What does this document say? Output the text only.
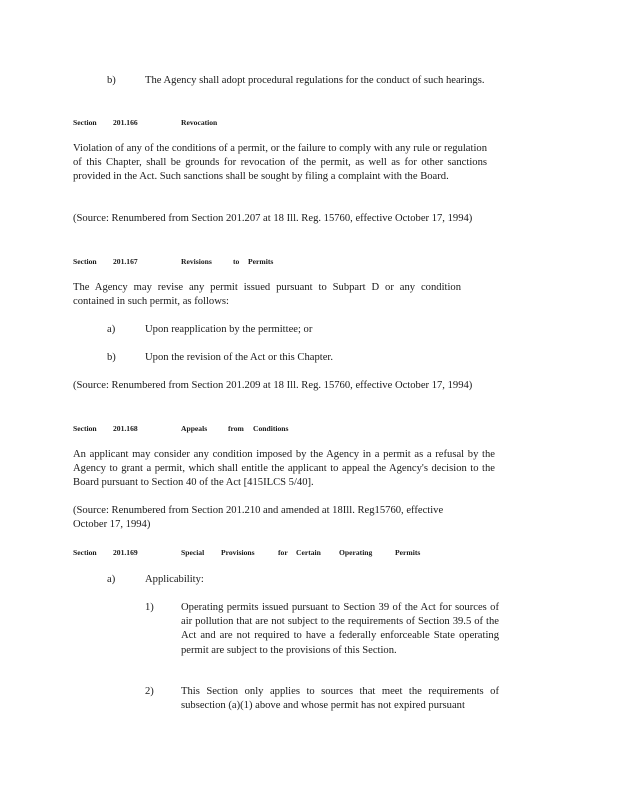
b)	The Agency shall adopt procedural regulations for the conduct of such hearings.

Section 201.166	Revocation

Violation of any of the conditions of a permit, or the failure to comply with any rule or regulation of this Chapter, shall be grounds for revocation of the permit, as well as for other sanctions provided in the Act. Such sanctions shall be sought by filing a complaint with the Board.

(Source: Renumbered from Section 201.207 at 18 Ill. Reg. 15760, effective October 17, 1994)

Section 201.167	Revisions	to Permits

The Agency may revise any permit issued pursuant to Subpart D or any condition contained in such permit, as follows:

a)	Upon reapplication by the permittee; or

b)	Upon the revision of the Act or this Chapter.

(Source: Renumbered from Section 201.209 at 18 Ill. Reg. 15760, effective October 17, 1994)

Section 201.168	Appeals	from Conditions

An applicant may consider any condition imposed by the Agency in a permit as a refusal by the Agency to grant a permit, which shall entitle the applicant to appeal the Agency's decision to the Board pursuant to Section 40 of the Act [415ILCS 5/40].

(Source: Renumbered from Section 201.210 and amended at 18Ill. Reg15760, effective October 17, 1994)

Section 201.169	Special Provisions	for Certain Operating	Permits

a)	Applicability:

1)	Operating permits issued pursuant to Section 39 of the Act for sources of air pollution that are not subject to the requirements of Section 39.5 of the Act and are not required to have a federally enforceable State operating permit are subject to the provisions of this Section.

2)	This Section only applies to sources that meet the requirements of subsection (a)(1) above and whose permit has not expired pursuant
